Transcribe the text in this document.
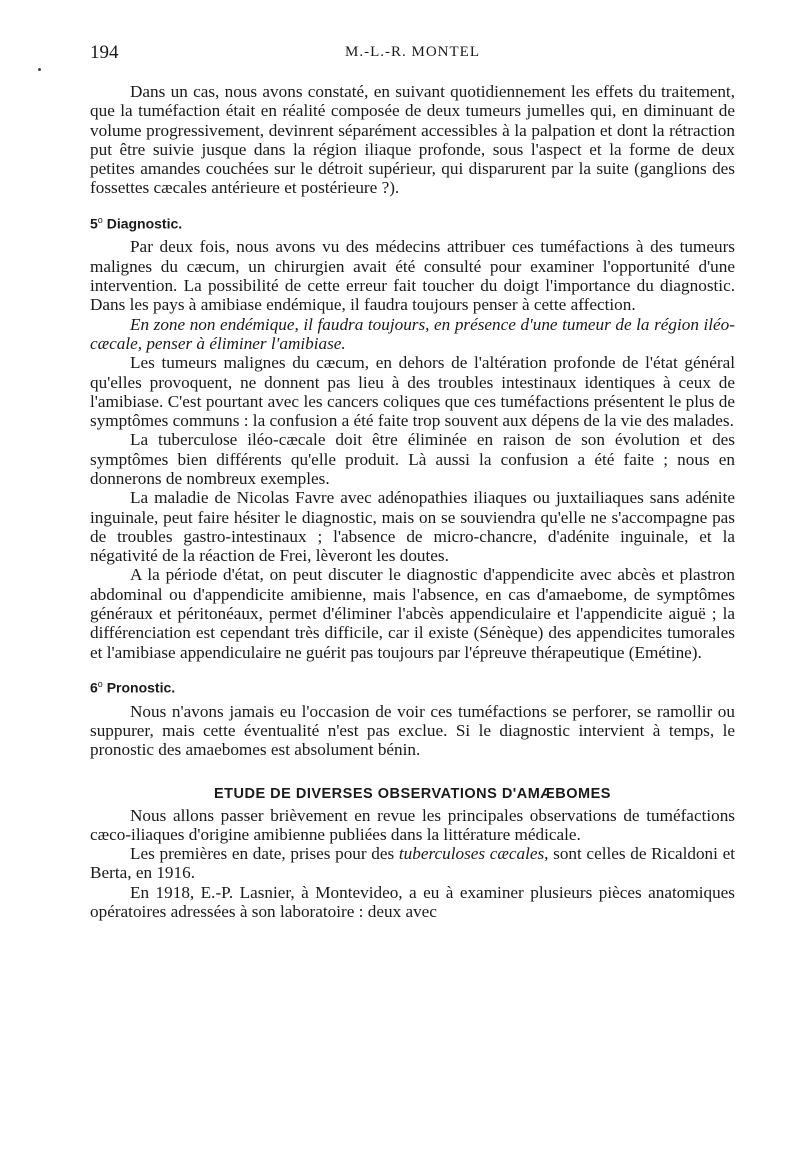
194	M.-L.-R. MONTEL

Dans un cas, nous avons constaté, en suivant quotidiennement les effets du traitement, que la tuméfaction était en réalité composée de deux tumeurs jumelles qui, en diminuant de volume progressivement, devinrent séparément accessibles à la palpation et dont la rétraction put être suivie jusque dans la région iliaque profonde, sous l'aspect et la forme de deux petites amandes couchées sur le détroit supérieur, qui disparurent par la suite (ganglions des fossettes cæcales antérieure et postérieure ?).

5$^o$ Diagnostic.

Par deux fois, nous avons vu des médecins attribuer ces tuméfactions à des tumeurs malignes du cæcum, un chirurgien avait été consulté pour examiner l'opportunité d'une intervention. La possibilité de cette erreur fait toucher du doigt l'importance du diagnostic. Dans les pays à amibiase endémique, il faudra toujours penser à cette affection.

En zone non endémique, il faudra toujours, en présence d'une tumeur de la région iléo-cæcale, penser à éliminer l'amibiase.

Les tumeurs malignes du cæcum, en dehors de l'altération profonde de l'état général qu'elles provoquent, ne donnent pas lieu à des troubles intestinaux identiques à ceux de l'amibiase. C'est pourtant avec les cancers coliques que ces tuméfactions présentent le plus de symptômes communs : la confusion a été faite trop souvent aux dépens de la vie des malades.

La tuberculose iléo-cæcale doit être éliminée en raison de son évolution et des symptômes bien différents qu'elle produit. Là aussi la confusion a été faite ; nous en donnerons de nombreux exemples.

La maladie de Nicolas Favre avec adénopathies iliaques ou juxtailiaques sans adénite inguinale, peut faire hésiter le diagnostic, mais on se souviendra qu'elle ne s'accompagne pas de troubles gastro-intestinaux ; l'absence de micro-chancre, d'adénite inguinale, et la négativité de la réaction de Frei, lèveront les doutes.

A la période d'état, on peut discuter le diagnostic d'appendicite avec abcès et plastron abdominal ou d'appendicite amibienne, mais l'absence, en cas d'amaebome, de symptômes généraux et péritonéaux, permet d'éliminer l'abcès appendiculaire et l'appendicite aiguë ; la différenciation est cependant très difficile, car il existe (Sénèque) des appendicites tumorales et l'amibiase appendiculaire ne guérit pas toujours par l'épreuve thérapeutique (Emétine).

6$^o$ Pronostic.

Nous n'avons jamais eu l'occasion de voir ces tuméfactions se perforer, se ramollir ou suppurer, mais cette éventualité n'est pas exclue. Si le diagnostic intervient à temps, le pronostic des amaebomes est absolument bénin.

ETUDE DE DIVERSES OBSERVATIONS D'AMÆBOMES

Nous allons passer brièvement en revue les principales observations de tuméfactions cæco-iliaques d'origine amibienne publiées dans la littérature médicale.

Les premières en date, prises pour des tuberculoses cæcales, sont celles de Ricaldoni et Berta, en 1916.

En 1918, E.-P. Lasnier, à Montevideo, a eu à examiner plusieurs pièces anatomiques opératoires adressées à son laboratoire : deux avec
